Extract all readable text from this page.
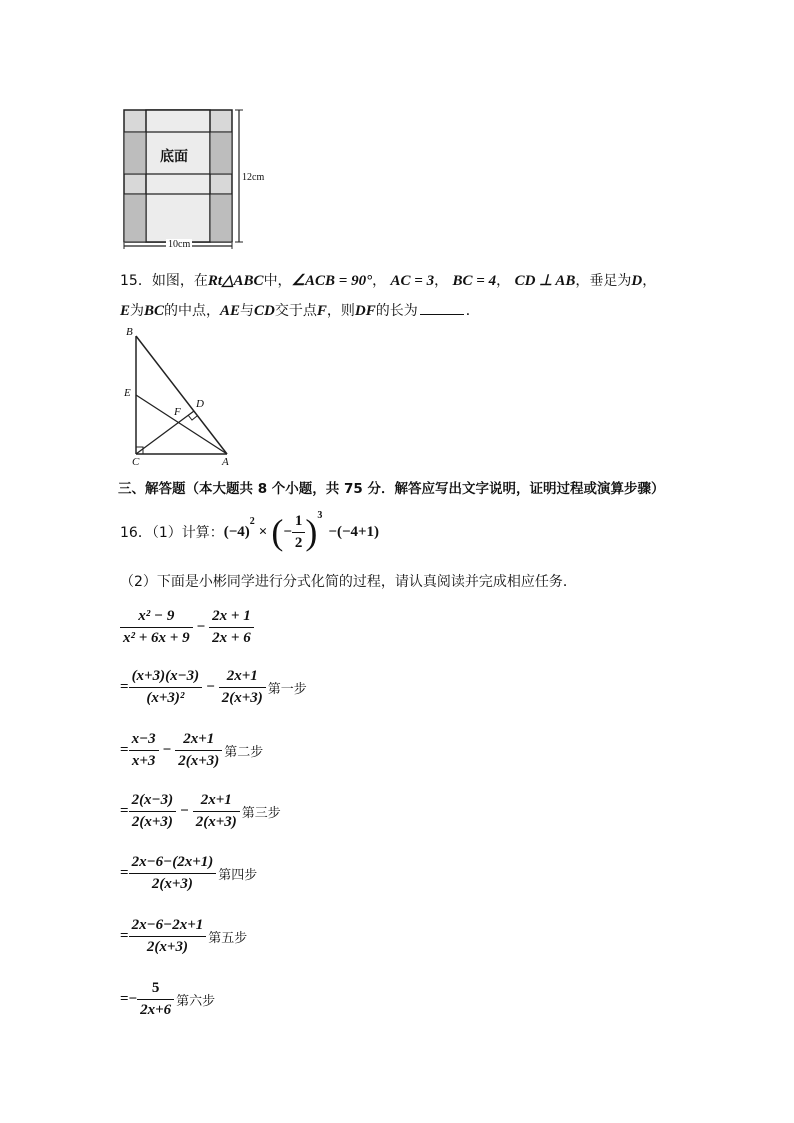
底面
12cm
10cm
15．如图，在Rt△ABC中，∠ACB = 90°， AC = 3， BC = 4， CD ⊥ AB，垂足为D，
E为BC的中点，AE与CD交于点F，则DF的长为	．
B
E
F
D
C	A
三、解答题（本大题共 8 个小题，共 75 分．解答应写出文字说明，证明过程或演算步骤）
16．（1）计算： (−4)
$^2$
× ( − $\frac{1}{2} )^3$
−(−4+1)
（2）下面是小彬同学进行分式化简的过程，请认真阅读并完成相应任务．
$\frac{\text{x² − 9}}{\text{x² + 6x + 9}} - \frac{2x + 1}{2x + 6}$
= $\frac{(x+3)(x-3)}{\text{(x+3)²}} - \frac{2x+1}{2(x+3)}$ 第一步
= $\frac{x-3}{x+3} - \frac{2x+1}{2(x+3)}$ 第二步
= $\frac{2(x-3)}{2(x+3)} - \frac{2x+1}{2(x+3)}$ 第三步
= $\frac{2x-6-(2x+1)}{2(x+3)}$ 第四步
= $\frac{2x-6-2x+1}{2(x+3)}$ 第五步
=− $\frac{5}{2x+6}$ 第六步
